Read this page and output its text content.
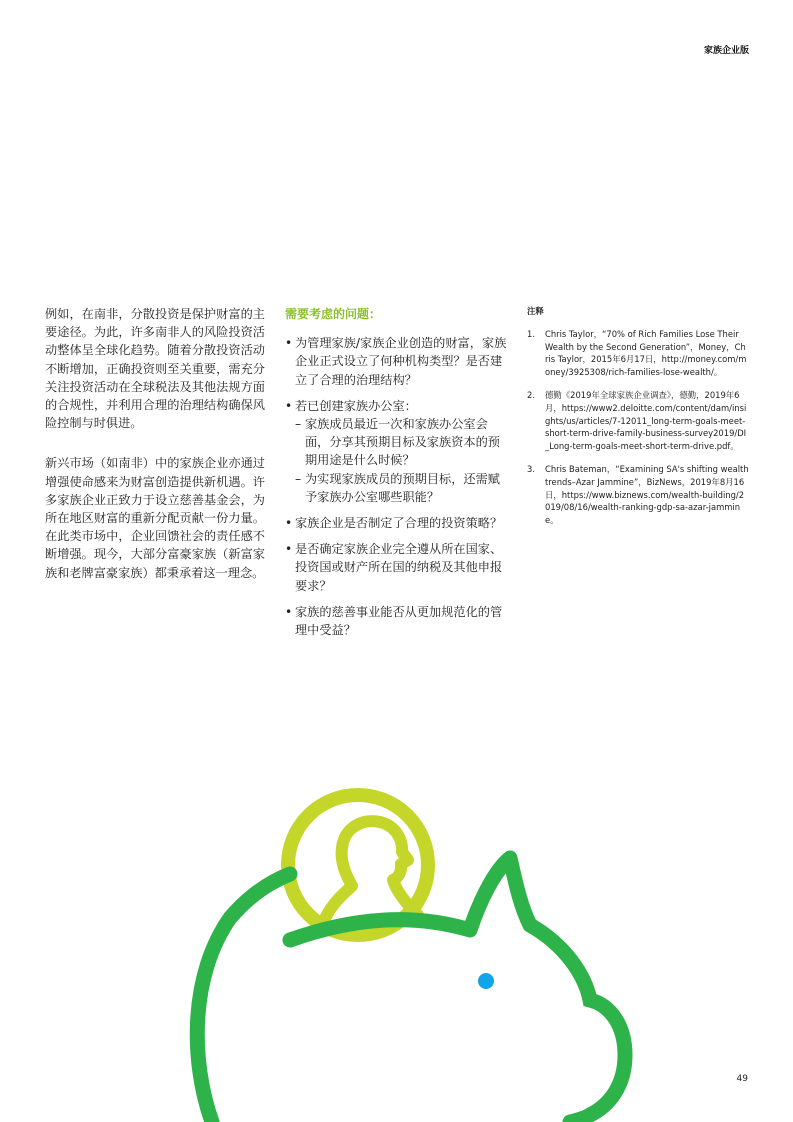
家族企业版

例如，在南非，分散投资是保护财富的主要途径。为此，许多南非人的风险投资活动整体呈全球化趋势。随着分散投资活动不断增加，正确投资则至关重要，需充分关注投资活动在全球税法及其他法规方面的合规性，并利用合理的治理结构确保风险控制与时俱进。

新兴市场（如南非）中的家族企业亦通过增强使命感来为财富创造提供新机遇。许多家族企业正致力于设立慈善基金会，为所在地区财富的重新分配贡献一份力量。在此类市场中，企业回馈社会的责任感不断增强。现今，大部分富豪家族（新富家族和老牌富豪家族）都秉承着这一理念。

需要考虑的问题：
• 为管理家族/家族企业创造的财富，家族企业正式设立了何种机构类型？是否建立了合理的治理结构？
• 若已创建家族办公室：
– 家族成员最近一次和家族办公室会面，分享其预期目标及家族资本的预期用途是什么时候？
– 为实现家族成员的预期目标，还需赋予家族办公室哪些职能？
• 家族企业是否制定了合理的投资策略？
• 是否确定家族企业完全遵从所在国家、投资国或财产所在国的纳税及其他申报要求？
• 家族的慈善事业能否从更加规范化的管理中受益？
注释
1. Chris Taylor，“70% of Rich Families Lose Their Wealth by the Second Generation”，Money，Chris Taylor，2015年6月17日，http://money.com/money/3925308/rich-families-lose-wealth/。
2. 德勤《2019年全球家族企业调查》，德勤，2019年6月，https://www2.deloitte.com/content/dam/insights/us/articles/7-12011_long-term-goals-meet-short-term-drive-family-business-survey2019/DI_Long-term-goals-meet-short-term-drive.pdf。
3. Chris Bateman，“Examining SA's shifting wealth trends–Azar Jammine”，BizNews，2019年8月16日，https://www.biznews.com/wealth-building/2019/08/16/wealth-ranking-gdp-sa-azar-jammine。
49
